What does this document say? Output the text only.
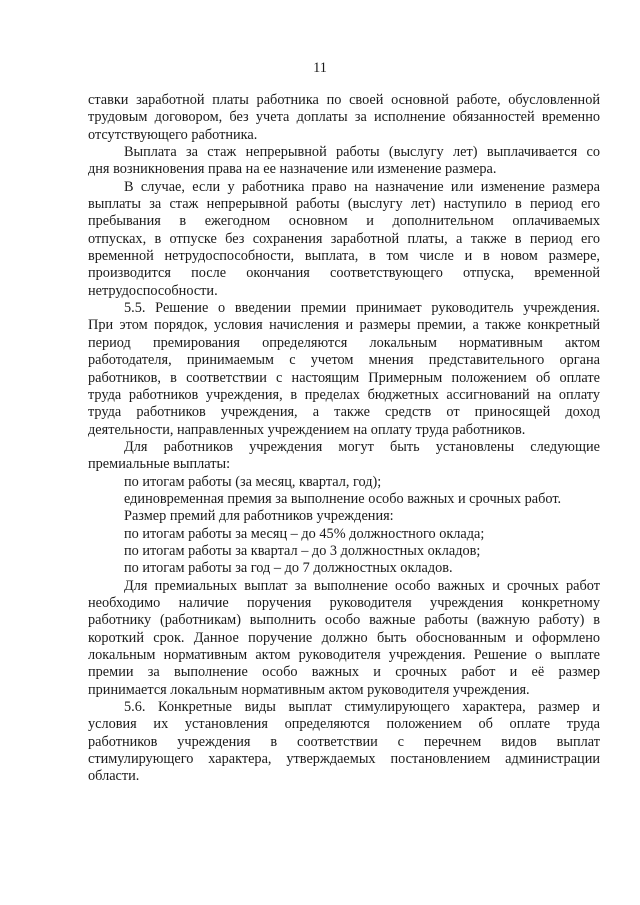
11
ставки заработной платы работника по своей основной работе, обусловленной
трудовым договором, без учета доплаты за исполнение обязанностей временно
отсутствующего работника.
Выплата за стаж непрерывной работы (выслугу лет) выплачивается со
дня возникновения права на ее назначение или изменение размера.
В случае, если у работника право на назначение или изменение размера
выплаты за стаж непрерывной работы (выслугу лет) наступило в период его
пребывания в ежегодном основном и дополнительном оплачиваемых
отпусках, в отпуске без сохранения заработной платы, а также в период его
временной нетрудоспособности, выплата, в том числе и в новом размере,
производится после окончания соответствующего отпуска, временной
нетрудоспособности.
5.5. Решение о введении премии принимает руководитель учреждения.
При этом порядок, условия начисления и размеры премии, а также конкретный
период премирования определяются локальным нормативным актом
работодателя, принимаемым с учетом мнения представительного органа
работников, в соответствии с настоящим Примерным положением об оплате
труда работников учреждения, в пределах бюджетных ассигнований на оплату
труда работников учреждения, а также средств от приносящей доход
деятельности, направленных учреждением на оплату труда работников.
Для работников учреждения могут быть установлены следующие
премиальные выплаты:
по итогам работы (за месяц, квартал, год);
единовременная премия за выполнение особо важных и срочных работ.
Размер премий для работников учреждения:
по итогам работы за месяц – до 45% должностного оклада;
по итогам работы за квартал – до 3 должностных окладов;
по итогам работы за год – до 7 должностных окладов.
Для премиальных выплат за выполнение особо важных и срочных работ
необходимо наличие поручения руководителя учреждения конкретному
работнику (работникам) выполнить особо важные работы (важную работу) в
короткий срок. Данное поручение должно быть обоснованным и оформлено
локальным нормативным актом руководителя учреждения. Решение о выплате
премии за выполнение особо важных и срочных работ и её размер
принимается локальным нормативным актом руководителя учреждения.
5.6. Конкретные виды выплат стимулирующего характера, размер и
условия их установления определяются положением об оплате труда
работников учреждения в соответствии с перечнем видов выплат
стимулирующего характера, утверждаемых постановлением администрации
области.
